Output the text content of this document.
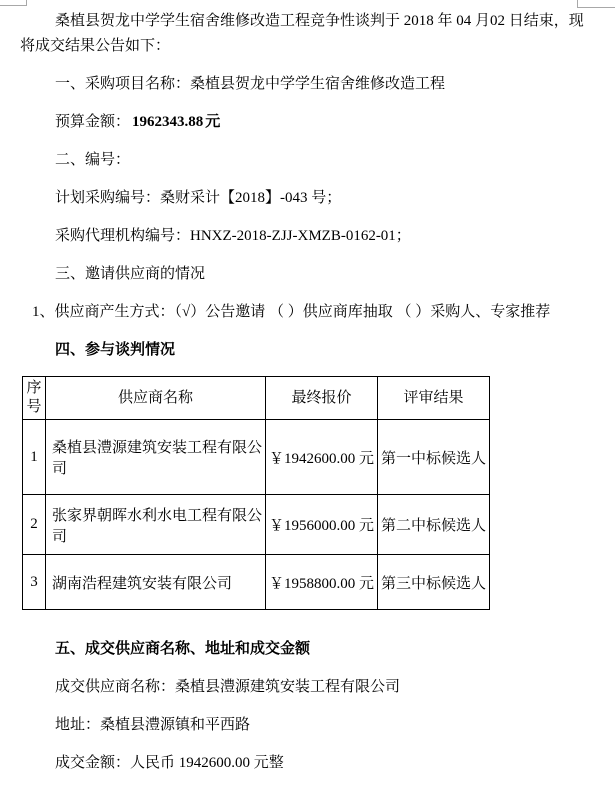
桑植县贺龙中学学生宿舍维修改造工程竞争性谈判于 2018 年 04 月02 日结束，现将成交结果公告如下：

一、采购项目名称：桑植县贺龙中学学生宿舍维修改造工程

预算金额： 1962343.88 元

二、编号：

计划采购编号：桑财采计【2018】-043 号；

采购代理机构编号：HNXZ-2018-ZJJ-XMZB-0162-01；

三、邀请供应商的情况

1、供应商产生方式：（√）公告邀请 （ ）供应商库抽取 （ ）采购人、专家推荐

四、参与谈判情况

序号	供应商名称	最终报价	评审结果
1	桑植县澧源建筑安装工程有限公司	￥1942600.00 元	第一中标候选人
2	张家界朝晖水利水电工程有限公司	￥1956000.00 元	第二中标候选人
3	湖南浩程建筑安装有限公司	￥1958800.00 元	第三中标候选人

五、成交供应商名称、地址和成交金额

成交供应商名称：桑植县澧源建筑安装工程有限公司

地址：桑植县澧源镇和平西路

成交金额：人民币 1942600.00 元整
